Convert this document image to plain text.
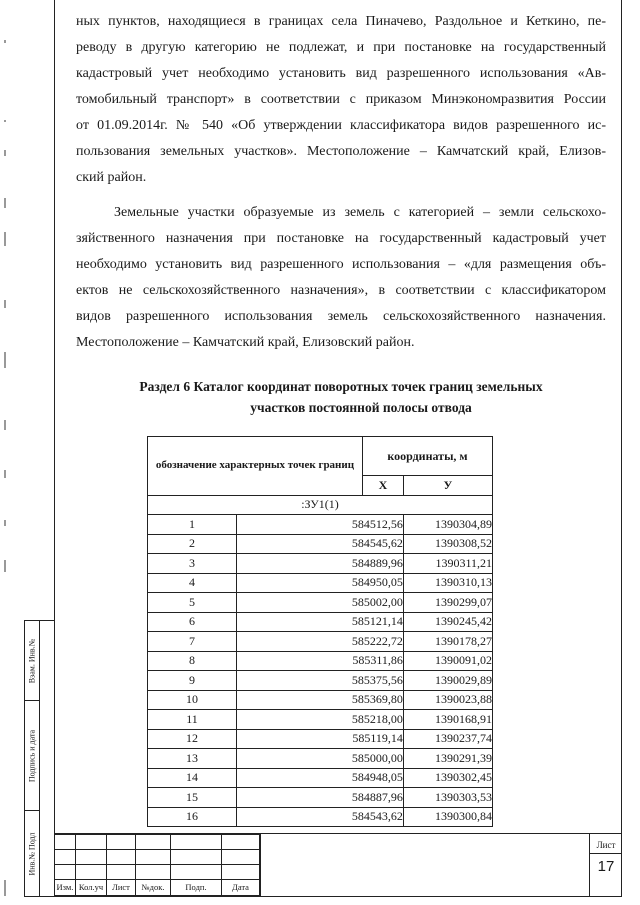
Взам. Инв.№
Подпись и дата
Инв.№ Подл
ных пунктов, находящиеся в границах села Пиначево, Раздольное и Кеткино, пе-
реводу в другую категорию не подлежат, и при постановке на государственный
кадастровый учет необходимо установить вид разрешенного использования «Ав-
томобильный транспорт» в соответствии с приказом Минэкономразвития России
от 01.09.2014г. № 540 «Об утверждении классификатора видов разрешенного ис-
пользования земельных участков». Местоположение – Камчатский край, Елизов-
ский район.
Земельные участки образуемые из земель с категорией – земли сельскохо-
зяйственного назначения при постановке на государственный кадастровый учет
необходимо установить вид разрешенного использования – «для размещения объ-
ектов не сельскохозяйственного назначения», в соответствии с классификатором
видов разрешенного использования земель сельскохозяйственного назначения.
Местоположение – Камчатский край, Елизовский район.
Раздел 6 Каталог координат поворотных точек границ земельных
участков постоянной полосы отвода
обозначение характерных точек границ		координаты, м	
		Х	У
:ЗУ1(1)			
1	584512,56		1390304,89
2	584545,62		1390308,52
3	584889,96		1390311,21
4	584950,05		1390310,13
5	585002,00		1390299,07
6	585121,14		1390245,42
7	585222,72		1390178,27
8	585311,86		1390091,02
9	585375,56		1390029,89
10	585369,80		1390023,88
11	585218,00		1390168,91
12	585119,14		1390237,74
13	585000,00		1390291,39
14	584948,05		1390302,45
15	584887,96		1390303,53
16	584543,62		1390300,84

Изм.	Кол.уч	Лист	№док.	Подп.	Дата
Лист
17
